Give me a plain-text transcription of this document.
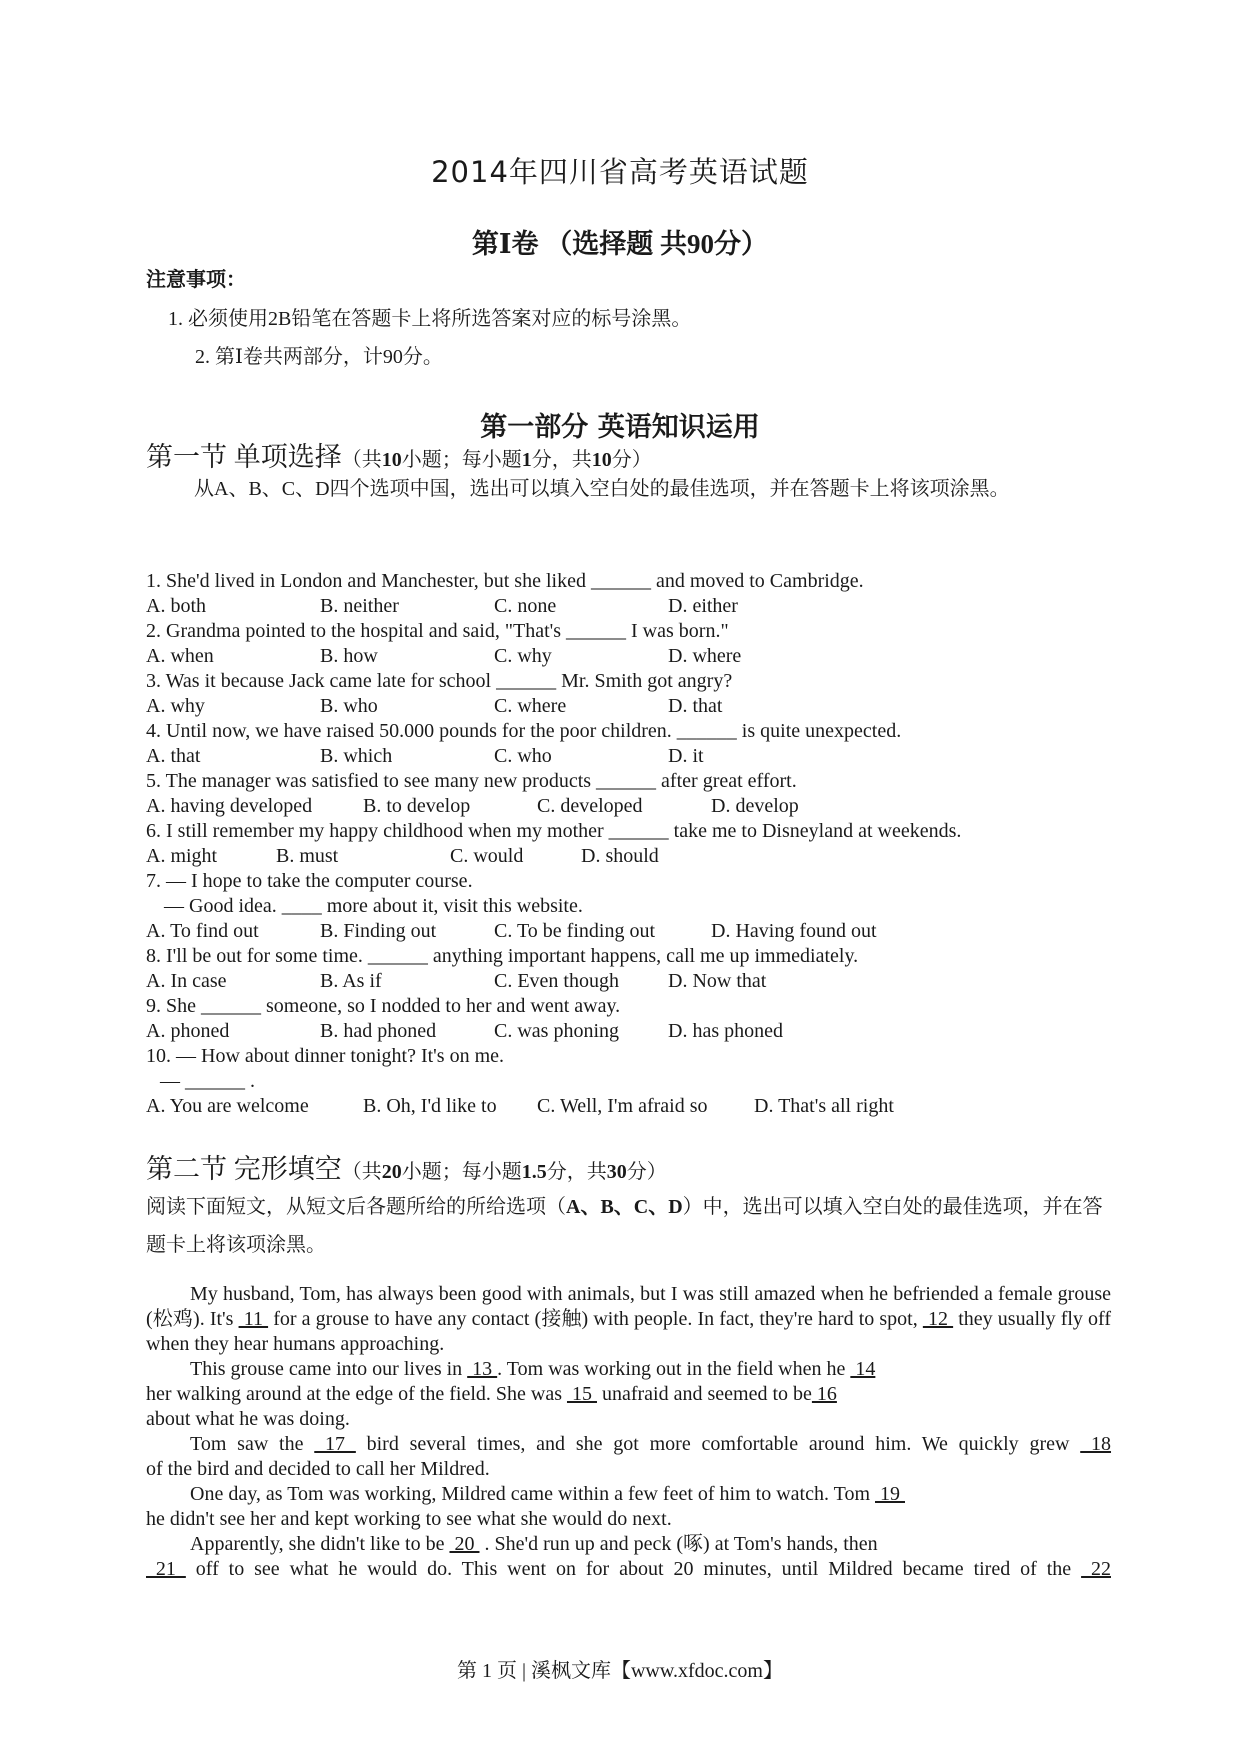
2014年四川省高考英语试题
第Ⅰ卷 （选择题 共90分）
注意事项：
1. 必须使用2B铅笔在答题卡上将所选答案对应的标号涂黑。
2. 第Ⅰ卷共两部分，计90分。
第一部分 英语知识运用
第一节 单项选择（共10小题；每小题1分，共10分）
从A、B、C、D四个选项中国，选出可以填入空白处的最佳选项，并在答题卡上将该项涂黑。
1. She'd lived in London and Manchester, but she liked ______ and moved to Cambridge.
A. both	B. neither	C. none	D. either
2. Grandma pointed to the hospital and said, "That's ______ I was born."
A. when	B. how	C. why	D. where
3. Was it because Jack came late for school ______ Mr. Smith got angry?
A. why	B. who	C. where	D. that
4. Until now, we have raised 50.000 pounds for the poor children. ______ is quite unexpected.
A. that	B. which	C. who	D. it
5. The manager was satisfied to see many new products ______ after great effort.
A. having developed	B. to develop	C. developed	D. develop
6. I still remember my happy childhood when my mother ______ take me to Disneyland at weekends.
A. might	B. must	C. would	D. should
7. — I hope to take the computer course.
— Good idea. ____ more about it, visit this website.
A. To find out	B. Finding out	C. To be finding out	D. Having found out
8. I'll be out for some time. ______ anything important happens, call me up immediately.
A. In case	B. As if	C. Even though D. Now that
9. She ______ someone, so I nodded to her and went away.
A. phoned	B. had phoned	C. was phoning D. has phoned
10. — How about dinner tonight? It's on me.
— ______ .
A. You are welcome	B. Oh, I'd like to C. Well, I'm afraid so D. That's all right
第二节 完形填空（共20小题；每小题1.5分，共30分）
阅读下面短文，从短文后各题所给的所给选项（A、B、C、D）中，选出可以填入空白处的最佳选项，并在答题卡上将该项涂黑。

My husband, Tom, has always been good with animals, but I was still amazed when he befriended a female grouse (松鸡). It's  11  for a grouse to have any contact (接触) with people. In fact, they're hard to spot,  12  they usually fly off when they hear humans approaching.

This grouse came into our lives in  13 . Tom was working out in the field when he  14

her walking around at the edge of the field. She was  15  unafraid and seemed to be 16

about what he was doing.

Tom saw the  17  bird several times, and she got more comfortable around him. We quickly grew  18

of the bird and decided to call her Mildred.

One day, as Tom was working, Mildred came within a few feet of him to watch. Tom  19

he didn't see her and kept working to see what she would do next.

Apparently, she didn't like to be  20  . She'd run up and peck (啄) at Tom's hands, then

21  off to see what he would do. This went on for about 20 minutes, until Mildred became tired of the  22

第 1 页 | 溪枫文库【www.xfdoc.com】
